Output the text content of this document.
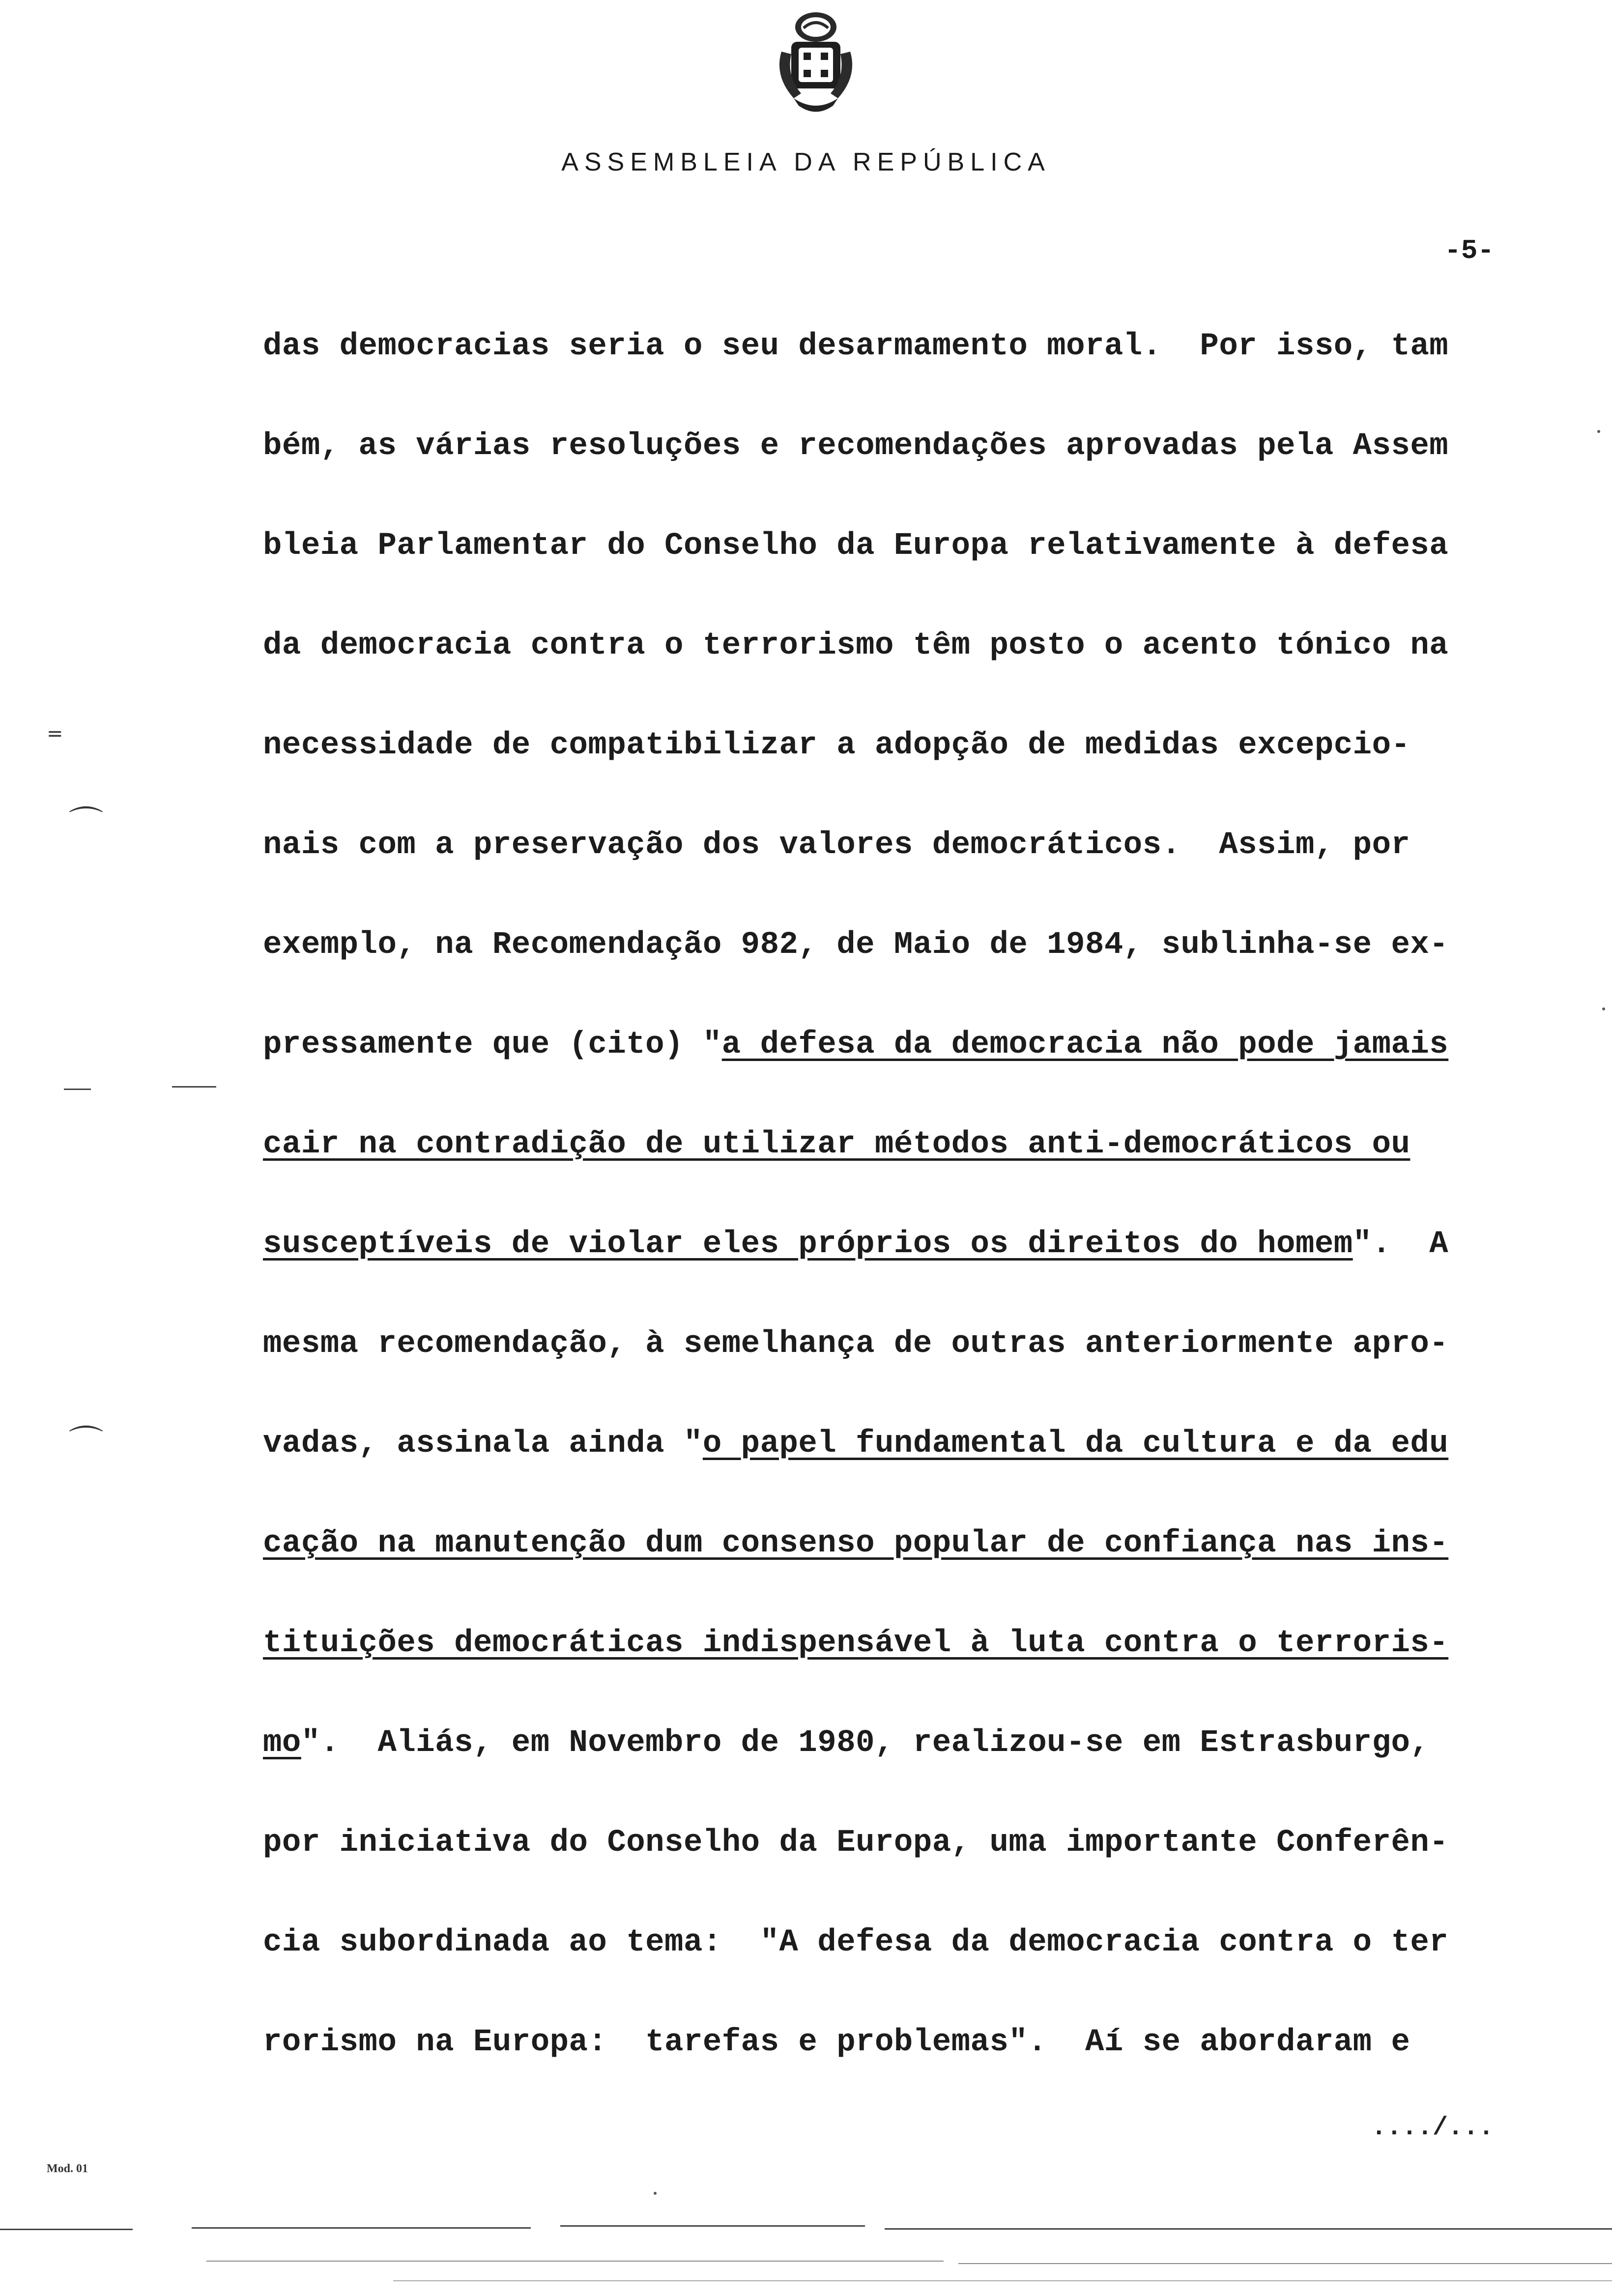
ASSEMBLEIA DA REPÚBLICA
-5-
das democracias seria o seu desarmamento moral.  Por isso, tam
bém, as várias resoluções e recomendações aprovadas pela Assem
bleia Parlamentar do Conselho da Europa relativamente à defesa
da democracia contra o terrorismo têm posto o acento tónico na
necessidade de compatibilizar a adopção de medidas excepcio-
nais com a preservação dos valores democráticos.  Assim, por
exemplo, na Recomendação 982, de Maio de 1984, sublinha-se ex-
pressamente que (cito) "a defesa da democracia não pode jamais
cair na contradição de utilizar métodos anti-democráticos ou
susceptíveis de violar eles próprios os direitos do homem".  A
mesma recomendação, à semelhança de outras anteriormente apro-
vadas, assinala ainda "o papel fundamental da cultura e da edu
cação na manutenção dum consenso popular de confiança nas ins-
tituições democráticas indispensável à luta contra o terroris-
mo".  Aliás, em Novembro de 1980, realizou-se em Estrasburgo,
por iniciativa do Conselho da Europa, uma importante Conferên-
cia subordinada ao tema:  "A defesa da democracia contra o ter
rorismo na Europa:  tarefas e problemas".  Aí se abordaram e
..../...
Mod. 01
=
⌒
⌒
